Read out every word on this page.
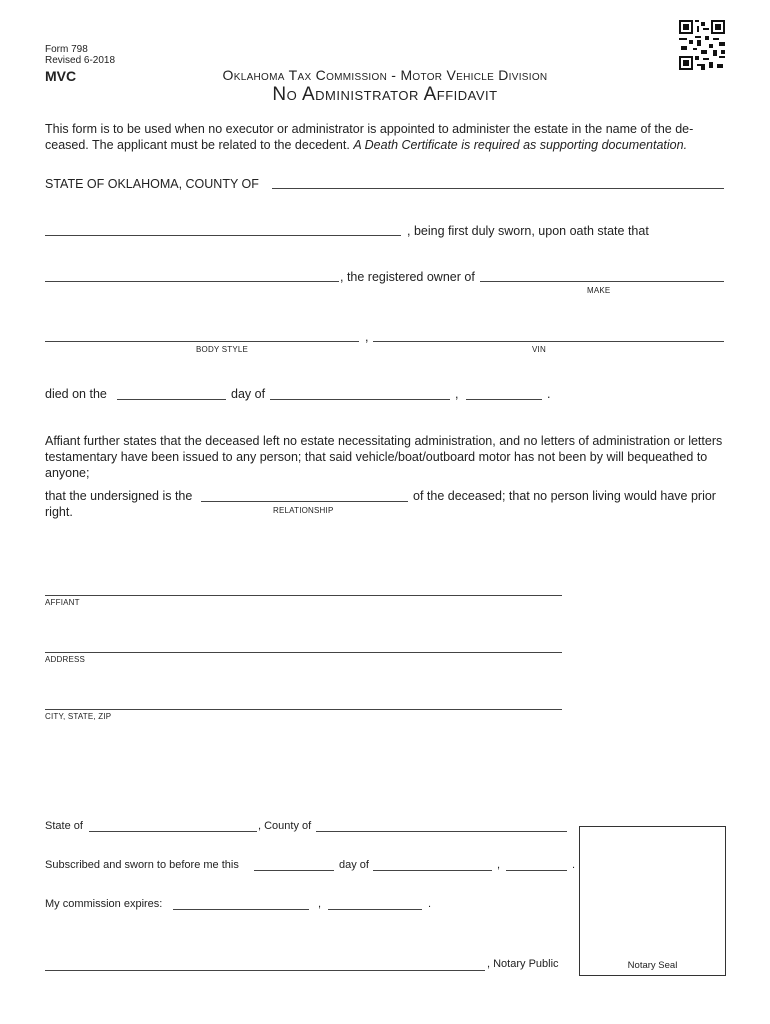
Form 798
Revised 6-2018
MVC	Oklahoma Tax Commission - Motor Vehicle Division
No Administrator Affidavit
This form is to be used when no executor or administrator is appointed to administer the estate in the name of the de-
ceased. The applicant must be related to the decedent. A Death Certificate is required as supporting documentation.
STATE OF OKLAHOMA, COUNTY OF
, being first duly sworn, upon oath state that
, the registered owner of
MAKE
,
BODY STYLE	VIN
died on the	day of	,	.
Affiant further states that the deceased left no estate necessitating administration, and no letters of administration or letters
testamentary have been issued to any person; that said vehicle/boat/outboard motor has not been by will bequeathed to
anyone;
that the undersigned is the	of the deceased; that no person living would have prior
right.	RELATIONSHIP
AFFIANT
ADDRESS
CITY, STATE, ZIP
State of	, County of
Subscribed and sworn to before me this	day of	,	.
My commission expires:	,	.
, Notary Public	Notary Seal
